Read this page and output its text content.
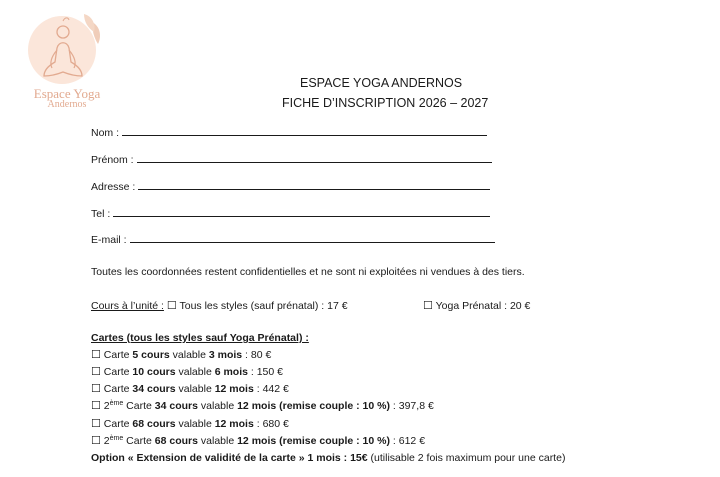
Espace Yoga
Andernos
ESPACE YOGA ANDERNOS
FICHE D’INSCRIPTION 2026 – 2027
Nom :
Prénom :
Adresse :
Tel :
E-mail :
Toutes les coordonnées restent confidentielles et ne sont ni exploitées ni vendues à des tiers.
Cours à l’unité : ☐ Tous les styles (sauf prénatal) : 17 €	☐ Yoga Prénatal : 20 €
Cartes (tous les styles sauf Yoga Prénatal) :
☐ Carte 5 cours valable 3 mois : 80 €
☐ Carte 10 cours valable 6 mois : 150 €
☐ Carte 34 cours valable 12 mois : 442 €
☐ 2ème Carte 34 cours valable 12 mois (remise couple : 10 %) : 397,8 €
☐ Carte 68 cours valable 12 mois : 680 €
☐ 2ème Carte 68 cours valable 12 mois (remise couple : 10 %) : 612 €
Option « Extension de validité de la carte » 1 mois : 15€ (utilisable 2 fois maximum pour une carte)
